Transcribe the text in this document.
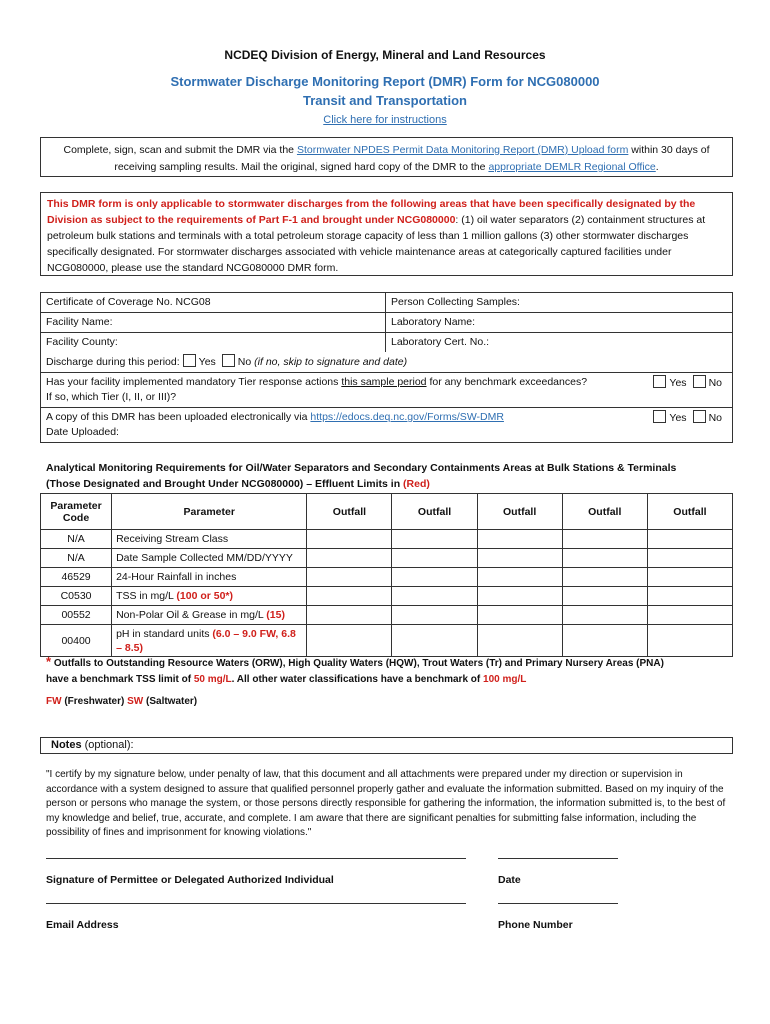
NCDEQ Division of Energy, Mineral and Land Resources
Stormwater Discharge Monitoring Report (DMR) Form for NCG080000
Transit and Transportation
Click here for instructions
Complete, sign, scan and submit the DMR via the Stormwater NPDES Permit Data Monitoring Report (DMR) Upload form within 30 days of receiving sampling results. Mail the original, signed hard copy of the DMR to the appropriate DEMLR Regional Office.
This DMR form is only applicable to stormwater discharges from the following areas that have been specifically designated by the Division as subject to the requirements of Part F-1 and brought under NCG080000: (1) oil water separators (2) containment structures at petroleum bulk stations and terminals with a total petroleum storage capacity of less than 1 million gallons (3) other stormwater discharges specifically designated. For stormwater discharges associated with vehicle maintenance areas at categorically captured facilities under NCG080000, please use the standard NCG080000 DMR form.
Certificate of Coverage No. NCG08	Person Collecting Samples:
Facility Name:	Laboratory Name:
Facility County:	Laboratory Cert. No.:
Discharge during this period: Yes No (if no, skip to signature and date)
Has your facility implemented mandatory Tier response actions this sample period for any benchmark exceedances?
If so, which Tier (I, II, or III)?
Yes No
A copy of this DMR has been uploaded electronically via https://edocs.deq.nc.gov/Forms/SW-DMR
Date Uploaded:
Yes No
Analytical Monitoring Requirements for Oil/Water Separators and Secondary Containments Areas at Bulk Stations & Terminals
(Those Designated and Brought Under NCG080000) – Effluent Limits in (Red)
Parameter Code	Parameter	Outfall	Outfall	Outfall	Outfall	Outfall
N/A	Receiving Stream Class					
N/A	Date Sample Collected MM/DD/YYYY					
46529	24-Hour Rainfall in inches					
C0530	TSS in mg/L (100 or 50*)					
00552	Non-Polar Oil & Grease in mg/L (15)					
00400	pH in standard units (6.0 – 9.0 FW, 6.8 – 8.5)					
* Outfalls to Outstanding Resource Waters (ORW), High Quality Waters (HQW), Trout Waters (Tr) and Primary Nursery Areas (PNA)
have a benchmark TSS limit of 50 mg/L. All other water classifications have a benchmark of 100 mg/L
FW (Freshwater) SW (Saltwater)
Notes (optional):
"I certify by my signature below, under penalty of law, that this document and all attachments were prepared under my direction or supervision in accordance with a system designed to assure that qualified personnel properly gather and evaluate the information submitted. Based on my inquiry of the person or persons who manage the system, or those persons directly responsible for gathering the information, the information submitted is, to the best of my knowledge and belief, true, accurate, and complete. I am aware that there are significant penalties for submitting false information, including the possibility of fines and imprisonment for knowing violations."
Signature of Permittee or Delegated Authorized Individual	Date
Email Address	Phone Number
